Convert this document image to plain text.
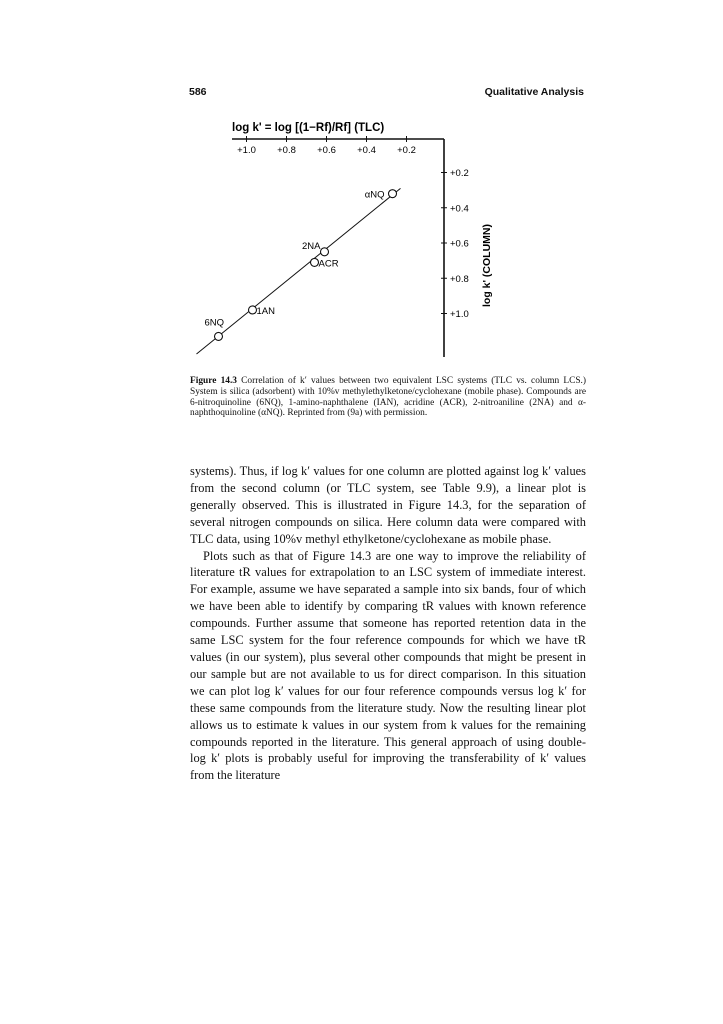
586	Qualitative Analysis
log k' = log [(1−Rf)/Rf] (TLC)
+1.0 +0.8 +0.6 +0.4 +0.2
+0.2
+0.4
+0.6
+0.8
+1.0
6NQ
1AN
ACR
2NA
αNQ
log k' (COLUMN)
Figure 14.3 Correlation of k′ values between two equivalent LSC systems (TLC vs. column LCS.) System is silica (adsorbent) with 10%v methylethylketone/cyclohexane (mobile phase). Compounds are 6-nitroquinoline (6NQ), 1-amino-naphthalene (IAN), acridine (ACR), 2-nitroaniline (2NA) and α-naphthoquinoline (αNQ). Reprinted from (9a) with permission.

systems). Thus, if log k′ values for one column are plotted against log k′ values from the second column (or TLC system, see Table 9.9), a linear plot is generally observed. This is illustrated in Figure 14.3, for the separation of several nitrogen compounds on silica. Here column data were compared with TLC data, using 10%v methyl ethylketone/cyclohexane as mobile phase.

Plots such as that of Figure 14.3 are one way to improve the reliability of literature tR values for extrapolation to an LSC system of immediate interest. For example, assume we have separated a sample into six bands, four of which we have been able to identify by comparing tR values with known reference compounds. Further assume that someone has reported retention data in the same LSC system for the four reference compounds for which we have tR values (in our system), plus several other compounds that might be present in our sample but are not available to us for direct comparison. In this situation we can plot log k′ values for our four reference compounds versus log k′ for these same compounds from the literature study. Now the resulting linear plot allows us to estimate k values in our system from k values for the remaining compounds reported in the literature. This general approach of using double-log k′ plots is probably useful for improving the transferability of k′ values from the literature
